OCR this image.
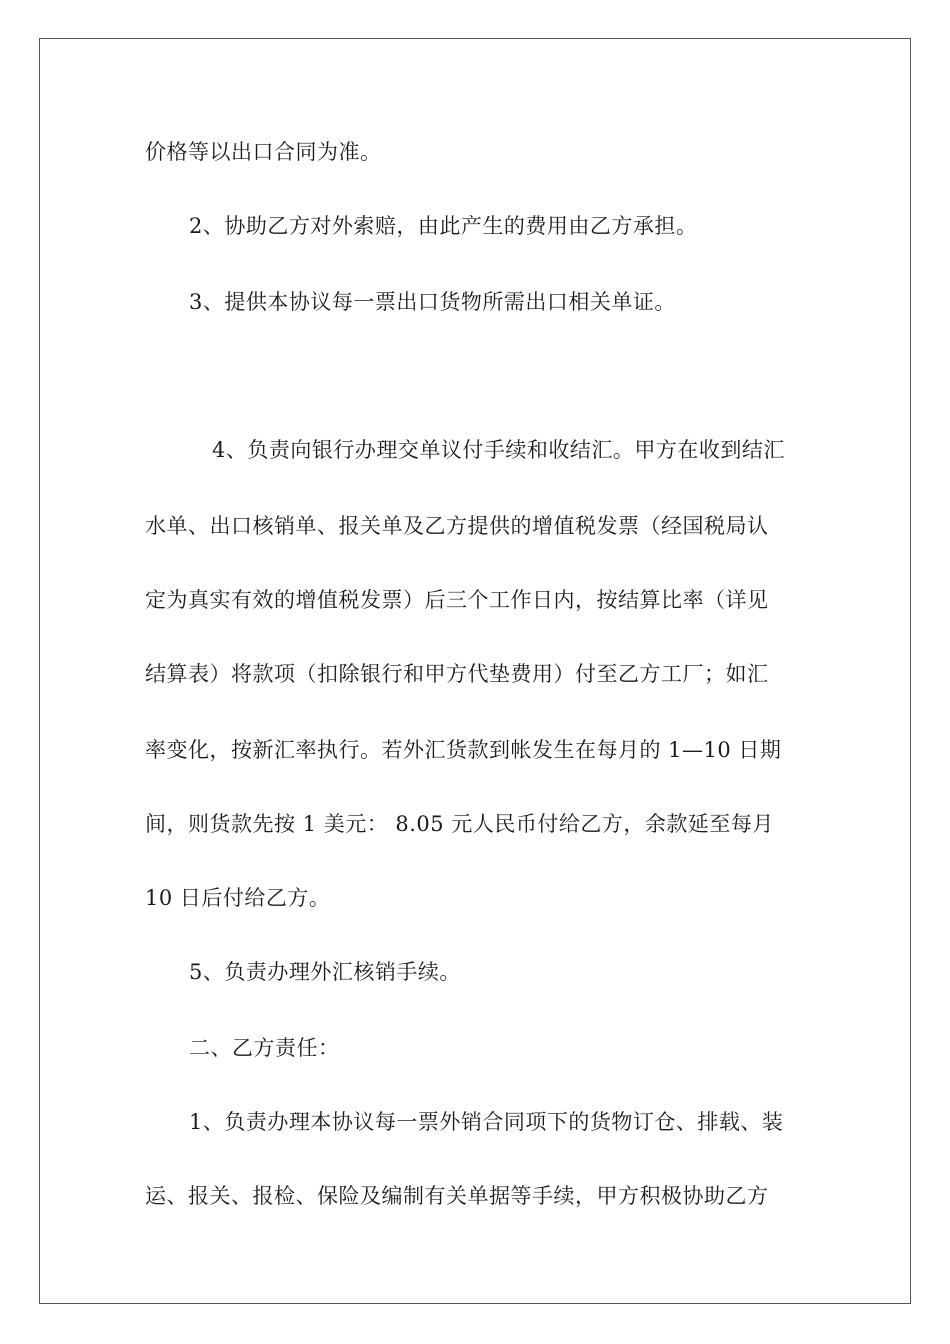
价格等以出口合同为准。
2、协助乙方对外索赔，由此产生的费用由乙方承担。
3、提供本协议每一票出口货物所需出口相关单证。
4、负责向银行办理交单议付手续和收结汇。甲方在收到结汇
水单、出口核销单、报关单及乙方提供的增值税发票（经国税局认
定为真实有效的增值税发票）后三个工作日内，按结算比率（详见
结算表）将款项（扣除银行和甲方代垫费用）付至乙方工厂；如汇
率变化，按新汇率执行。若外汇货款到帐发生在每月的 1—10 日期
间，则货款先按 1 美元： 8.05 元人民币付给乙方，余款延至每月
10 日后付给乙方。
5、负责办理外汇核销手续。
二、乙方责任：
1、负责办理本协议每一票外销合同项下的货物订仓、排载、装
运、报关、报检、保险及编制有关单据等手续，甲方积极协助乙方
